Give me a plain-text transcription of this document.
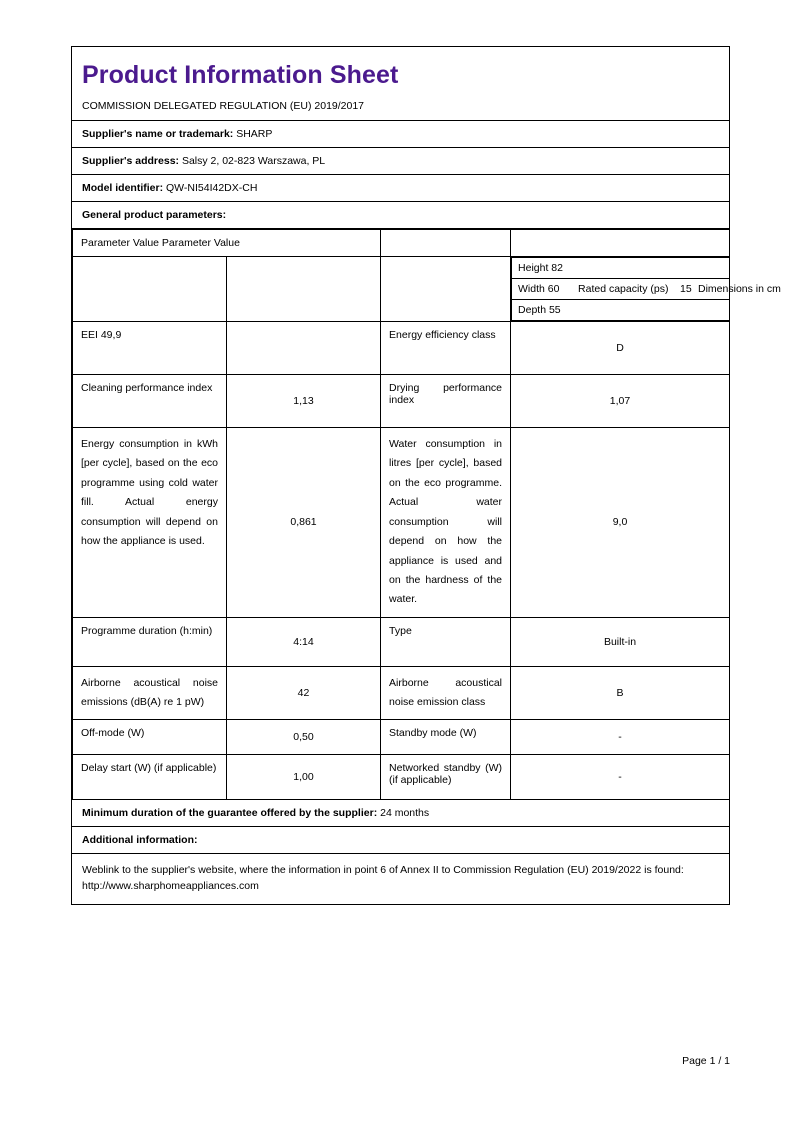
Product Information Sheet
COMMISSION DELEGATED REGULATION (EU) 2019/2017
Supplier's name or trademark: SHARP
Supplier's address: Salsy 2, 02-823 Warszawa, PL
Model identifier: QW-NI54I42DX-CH
General product parameters:
Parameter Value Parameter Value			

Height 82
Width 60 Rated capacity (ps) 15 Dimensions in cm
Depth 55

EEI 49,9		Energy efficiency class	D
Cleaning performance index	1,13	Drying performance index	1,07
Energy consumption in kWh [per cycle], based on the eco programme using cold water fill. Actual energy consumption will depend on how the appliance is used.	0,861	Water consumption in litres [per cycle], based on the eco programme. Actual water consumption will depend on how the appliance is used and on the hardness of the water.	9,0
Programme duration (h:min)	4:14	Type	Built-in
Airborne acoustical noise emissions (dB(A) re 1 pW)	42	Airborne acoustical noise emission class	B
Off-mode (W)	0,50	Standby mode (W)	-
Delay start (W) (if applicable)	1,00	Networked standby (W) (if applicable)	-
Minimum duration of the guarantee offered by the supplier: 24 months
Additional information:
Weblink to the supplier's website, where the information in point 6 of Annex II to Commission Regulation (EU) 2019/2022 is found: http://www.sharphomeappliances.com
Page 1 / 1
